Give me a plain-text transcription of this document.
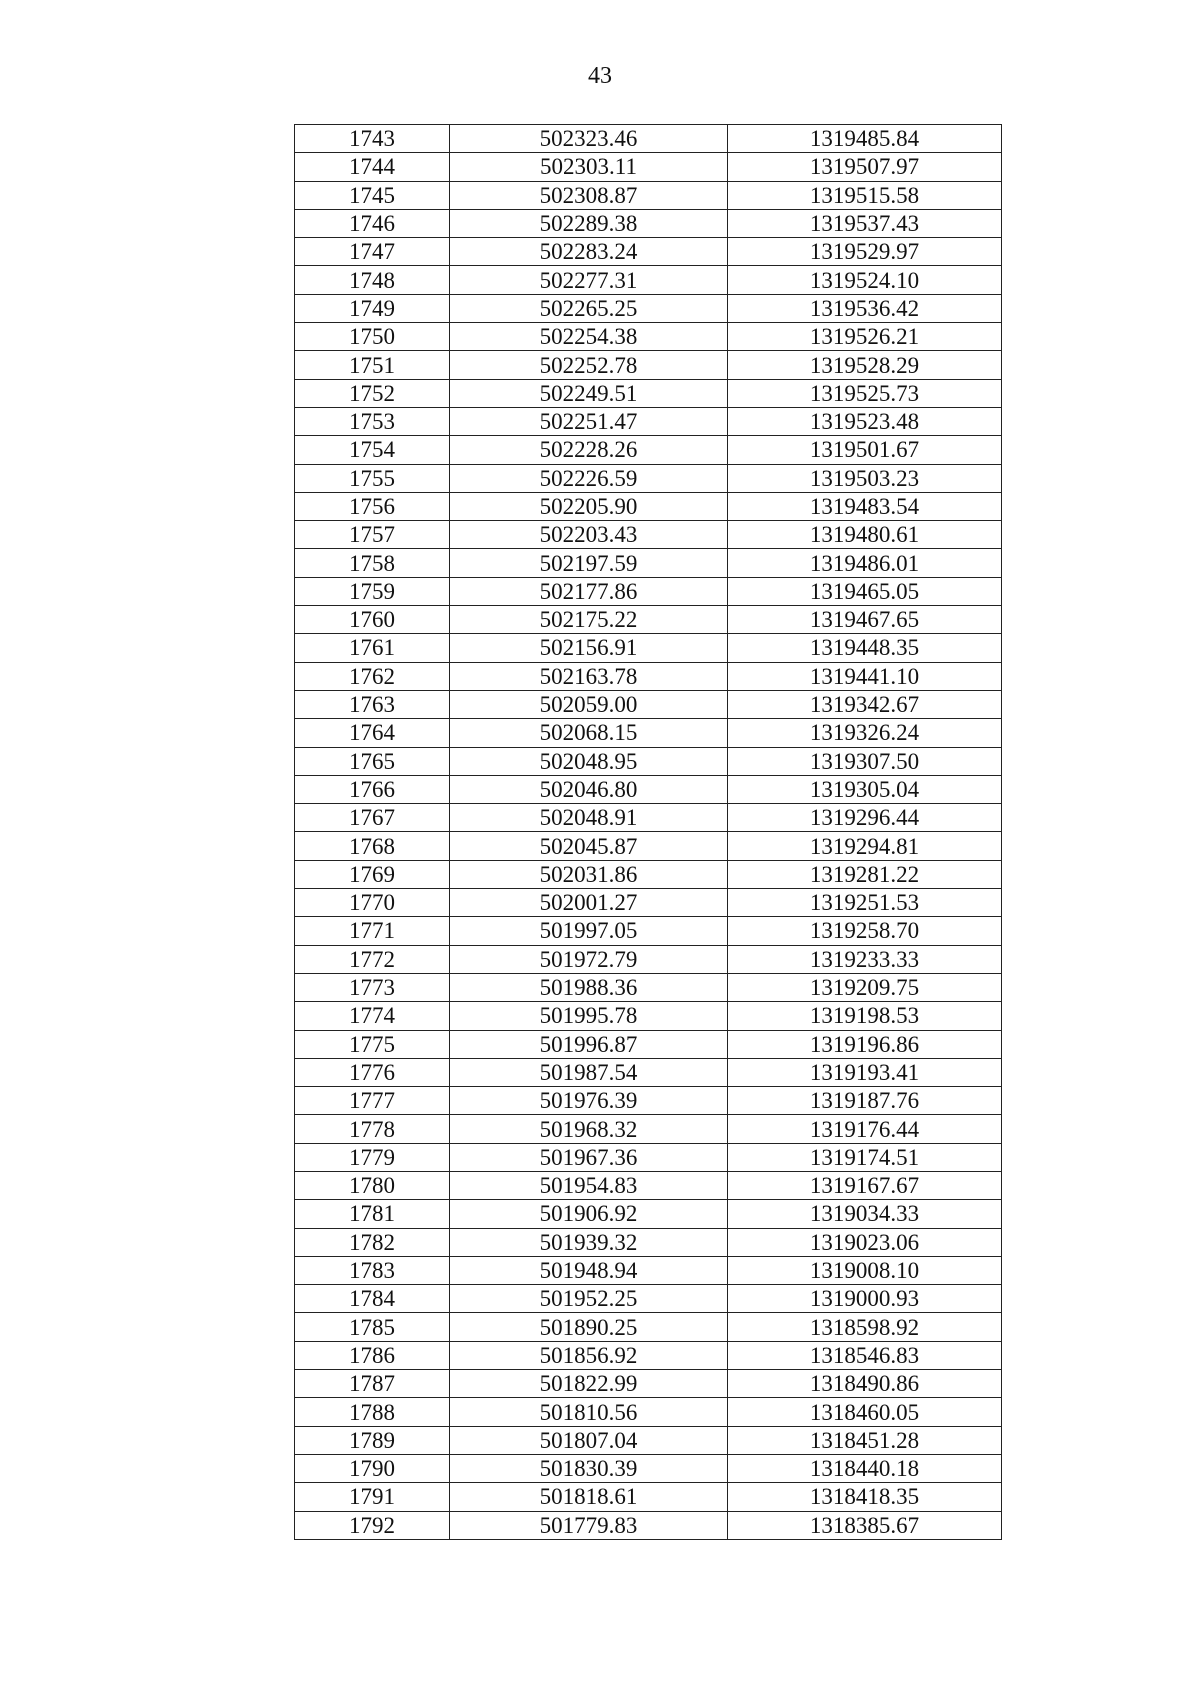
43
1743	502323.46	1319485.84
1744	502303.11	1319507.97
1745	502308.87	1319515.58
1746	502289.38	1319537.43
1747	502283.24	1319529.97
1748	502277.31	1319524.10
1749	502265.25	1319536.42
1750	502254.38	1319526.21
1751	502252.78	1319528.29
1752	502249.51	1319525.73
1753	502251.47	1319523.48
1754	502228.26	1319501.67
1755	502226.59	1319503.23
1756	502205.90	1319483.54
1757	502203.43	1319480.61
1758	502197.59	1319486.01
1759	502177.86	1319465.05
1760	502175.22	1319467.65
1761	502156.91	1319448.35
1762	502163.78	1319441.10
1763	502059.00	1319342.67
1764	502068.15	1319326.24
1765	502048.95	1319307.50
1766	502046.80	1319305.04
1767	502048.91	1319296.44
1768	502045.87	1319294.81
1769	502031.86	1319281.22
1770	502001.27	1319251.53
1771	501997.05	1319258.70
1772	501972.79	1319233.33
1773	501988.36	1319209.75
1774	501995.78	1319198.53
1775	501996.87	1319196.86
1776	501987.54	1319193.41
1777	501976.39	1319187.76
1778	501968.32	1319176.44
1779	501967.36	1319174.51
1780	501954.83	1319167.67
1781	501906.92	1319034.33
1782	501939.32	1319023.06
1783	501948.94	1319008.10
1784	501952.25	1319000.93
1785	501890.25	1318598.92
1786	501856.92	1318546.83
1787	501822.99	1318490.86
1788	501810.56	1318460.05
1789	501807.04	1318451.28
1790	501830.39	1318440.18
1791	501818.61	1318418.35
1792	501779.83	1318385.67
